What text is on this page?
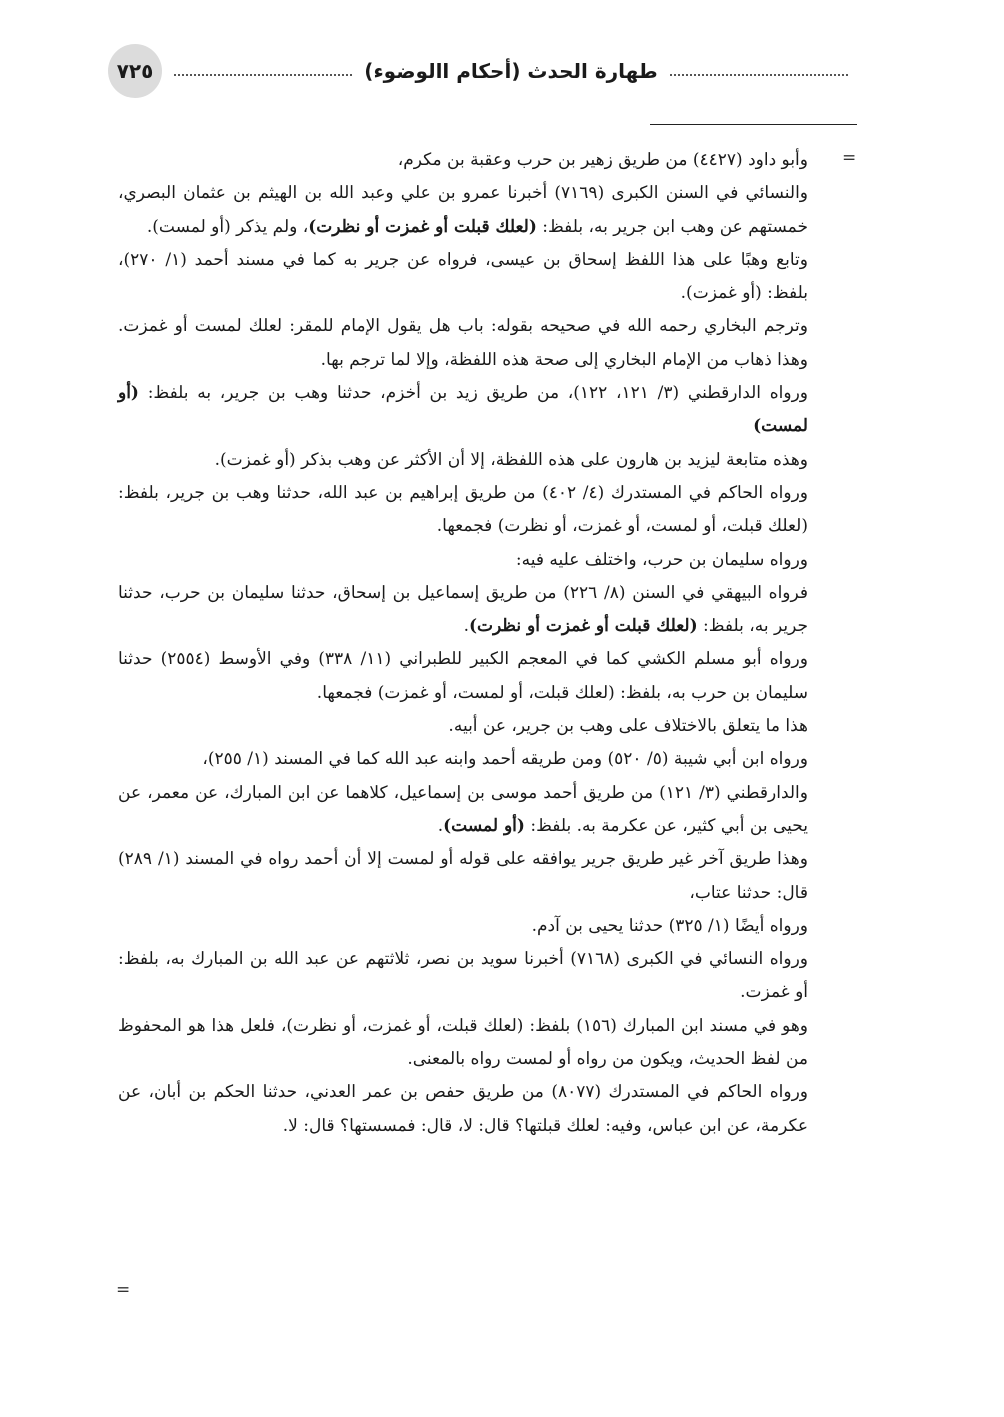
٧٢٥	طهارة الحدث (أحكام االوضوء)
=

وأبو داود (٤٤٢٧) من طريق زهير بن حرب وعقبة بن مكرم،

والنسائي في السنن الكبرى (٧١٦٩) أخبرنا عمرو بن علي وعبد الله بن الهيثم بن عثمان البصري، خمستهم عن وهب ابن جرير به، بلفظ: (لعلك قبلت أو غمزت أو نظرت)، ولم يذكر (أو لمست).

وتابع وهبًا على هذا اللفظ إسحاق بن عيسى، فرواه عن جرير به كما في مسند أحمد (١/ ٢٧٠)، بلفظ: (أو غمزت).

وترجم البخاري رحمه الله في صحيحه بقوله: باب هل يقول الإمام للمقر: لعلك لمست أو غمزت. وهذا ذهاب من الإمام البخاري إلى صحة هذه اللفظة، وإلا لما ترجم بها.

ورواه الدارقطني (٣/ ١٢١، ١٢٢)، من طريق زيد بن أخزم، حدثنا وهب بن جرير، به بلفظ: (أو لمست)

وهذه متابعة ليزيد بن هارون على هذه اللفظة، إلا أن الأكثر عن وهب بذكر (أو غمزت).

ورواه الحاكم في المستدرك (٤/ ٤٠٢) من طريق إبراهيم بن عبد الله، حدثنا وهب بن جرير، بلفظ: (لعلك قبلت، أو لمست، أو غمزت، أو نظرت) فجمعها.

ورواه سليمان بن حرب، واختلف عليه فيه:

فرواه البيهقي في السنن (٨/ ٢٢٦) من طريق إسماعيل بن إسحاق، حدثنا سليمان بن حرب، حدثنا جرير به، بلفظ: (لعلك قبلت أو غمزت أو نظرت).

ورواه أبو مسلم الكشي كما في المعجم الكبير للطبراني (١١/ ٣٣٨) وفي الأوسط (٢٥٥٤) حدثنا سليمان بن حرب به، بلفظ: (لعلك قبلت، أو لمست، أو غمزت) فجمعها.

هذا ما يتعلق بالاختلاف على وهب بن جرير، عن أبيه.

ورواه ابن أبي شيبة (٥/ ٥٢٠) ومن طريقه أحمد وابنه عبد الله كما في المسند (١/ ٢٥٥)،

والدارقطني (٣/ ١٢١) من طريق أحمد موسى بن إسماعيل، كلاهما عن ابن المبارك، عن معمر، عن يحيى بن أبي كثير، عن عكرمة به. بلفظ: (أو لمست).

وهذا طريق آخر غير طريق جرير يوافقه على قوله أو لمست إلا أن أحمد رواه في المسند (١/ ٢٨٩) قال: حدثنا عتاب،

ورواه أيضًا (١/ ٣٢٥) حدثنا يحيى بن آدم.

ورواه النسائي في الكبرى (٧١٦٨) أخبرنا سويد بن نصر، ثلاثتهم عن عبد الله بن المبارك به، بلفظ: أو غمزت.

وهو في مسند ابن المبارك (١٥٦) بلفظ: (لعلك قبلت، أو غمزت، أو نظرت)، فلعل هذا هو المحفوظ من لفظ الحديث، ويكون من رواه أو لمست رواه بالمعنى.

ورواه الحاكم في المستدرك (٨٠٧٧) من طريق حفص بن عمر العدني، حدثنا الحكم بن أبان، عن عكرمة، عن ابن عباس، وفيه: لعلك قبلتها؟ قال: لا، قال: فمسستها؟ قال: لا.

=
